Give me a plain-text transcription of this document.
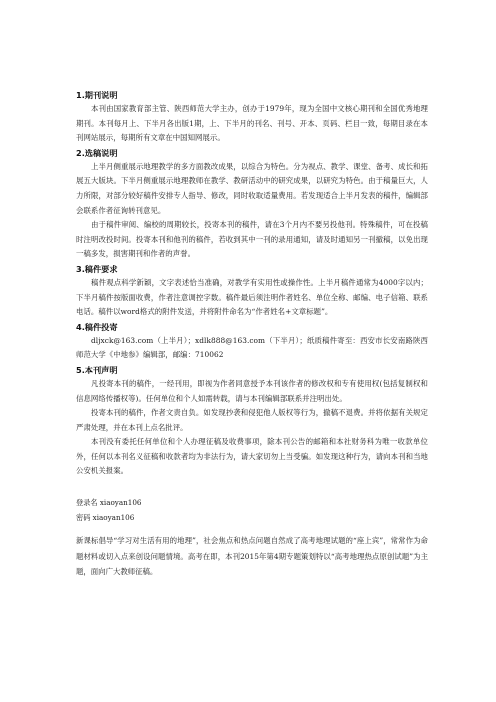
1.期刊说明

本刊由国家教育部主管、陕西师范大学主办，创办于1979年，现为全国中文核心期刊和全国优秀地理期刊。本刊每月上、下半月各出版1期，上、下半月的刊名、刊号、开本、页码、栏目一致，每期目录在本刊网站展示，每期所有文章在中国知网展示。

2.选稿说明

上半月侧重展示地理教学的多方面教改成果，以综合为特色。分为视点、教学、课堂、备考、成长和拓展五大版块。下半月侧重展示地理教师在教学、教研活动中的研究成果，以研究为特色。由于稿量巨大，人力所限，对部分较好稿件安排专人指导、修改，同时收取适量费用。若发现适合上半月发表的稿件，编辑部会联系作者征询转刊意见。

由于稿件审阅、编校的周期较长，投寄本刊的稿件，请在3个月内不要另投他刊。特殊稿件，可在投稿时注明改投时间。投寄本刊和他刊的稿件，若收到其中一刊的录用通知，请及时通知另一刊撤稿，以免出现一稿多发，损害期刊和作者的声誉。

3.稿件要求

稿件观点科学新颖，文字表述恰当准确，对教学有实用性或操作性。上半月稿件通常为4000字以内；下半月稿件按版面收费，作者注意调控字数。稿件最后须注明作者姓名、单位全称、邮编、电子信箱、联系电话。稿件以word格式的附件发送，并将附件命名为“作者姓名+文章标题”。

4.稿件投寄

dljxck@163.com（上半月）；xdlk888@163.com（下半月）；纸质稿件寄至：西安市长安南路陕西师范大学《中地参》编辑部，邮编：710062

5.本刊声明

凡投寄本刊的稿件，一经刊用，即视为作者同意授予本刊该作者的修改权和专有使用权(包括复制权和信息网络传播权等)。任何单位和个人如需转载，请与本刊编辑部联系并注明出处。

投寄本刊的稿件，作者文责自负。如发现抄袭和侵犯他人版权等行为，撤稿不退费。并将依据有关规定严肃处理，并在本刊上点名批评。

本刊没有委托任何单位和个人办理征稿及收费事项，除本刊公告的邮箱和本社财务科为唯一收款单位外，任何以本刊名义征稿和收款者均为非法行为，请大家切勿上当受骗。如发现这种行为，请向本刊和当地公安机关报案。

登录名 xiaoyan106

密码 xiaoyan106

新课标倡导“学习对生活有用的地理”，社会焦点和热点问题自然成了高考地理试题的“座上宾”，常常作为命题材料或切入点来创设问题情境。高考在即，本刊2015年第4期专题策划特以“高考地理热点原创试题”为主题，面向广大教师征稿。
